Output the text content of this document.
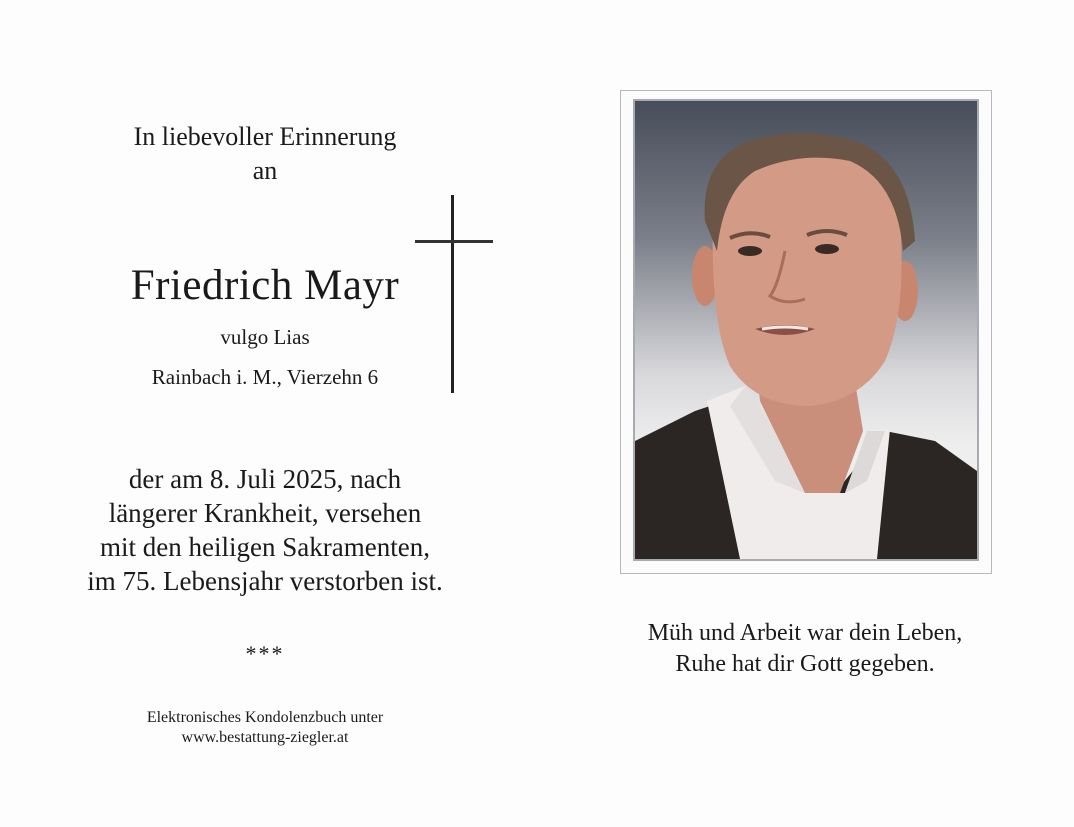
In liebevoller Erinnerung
an
Friedrich Mayr
vulgo Lias
Rainbach i. M., Vierzehn 6
der am 8. Juli 2025, nach
längerer Krankheit, versehen
mit den heiligen Sakramenten,
im 75. Lebensjahr verstorben ist.
***
Elektronisches Kondolenzbuch unter
www.bestattung-ziegler.at
Müh und Arbeit war dein Leben,
Ruhe hat dir Gott gegeben.
